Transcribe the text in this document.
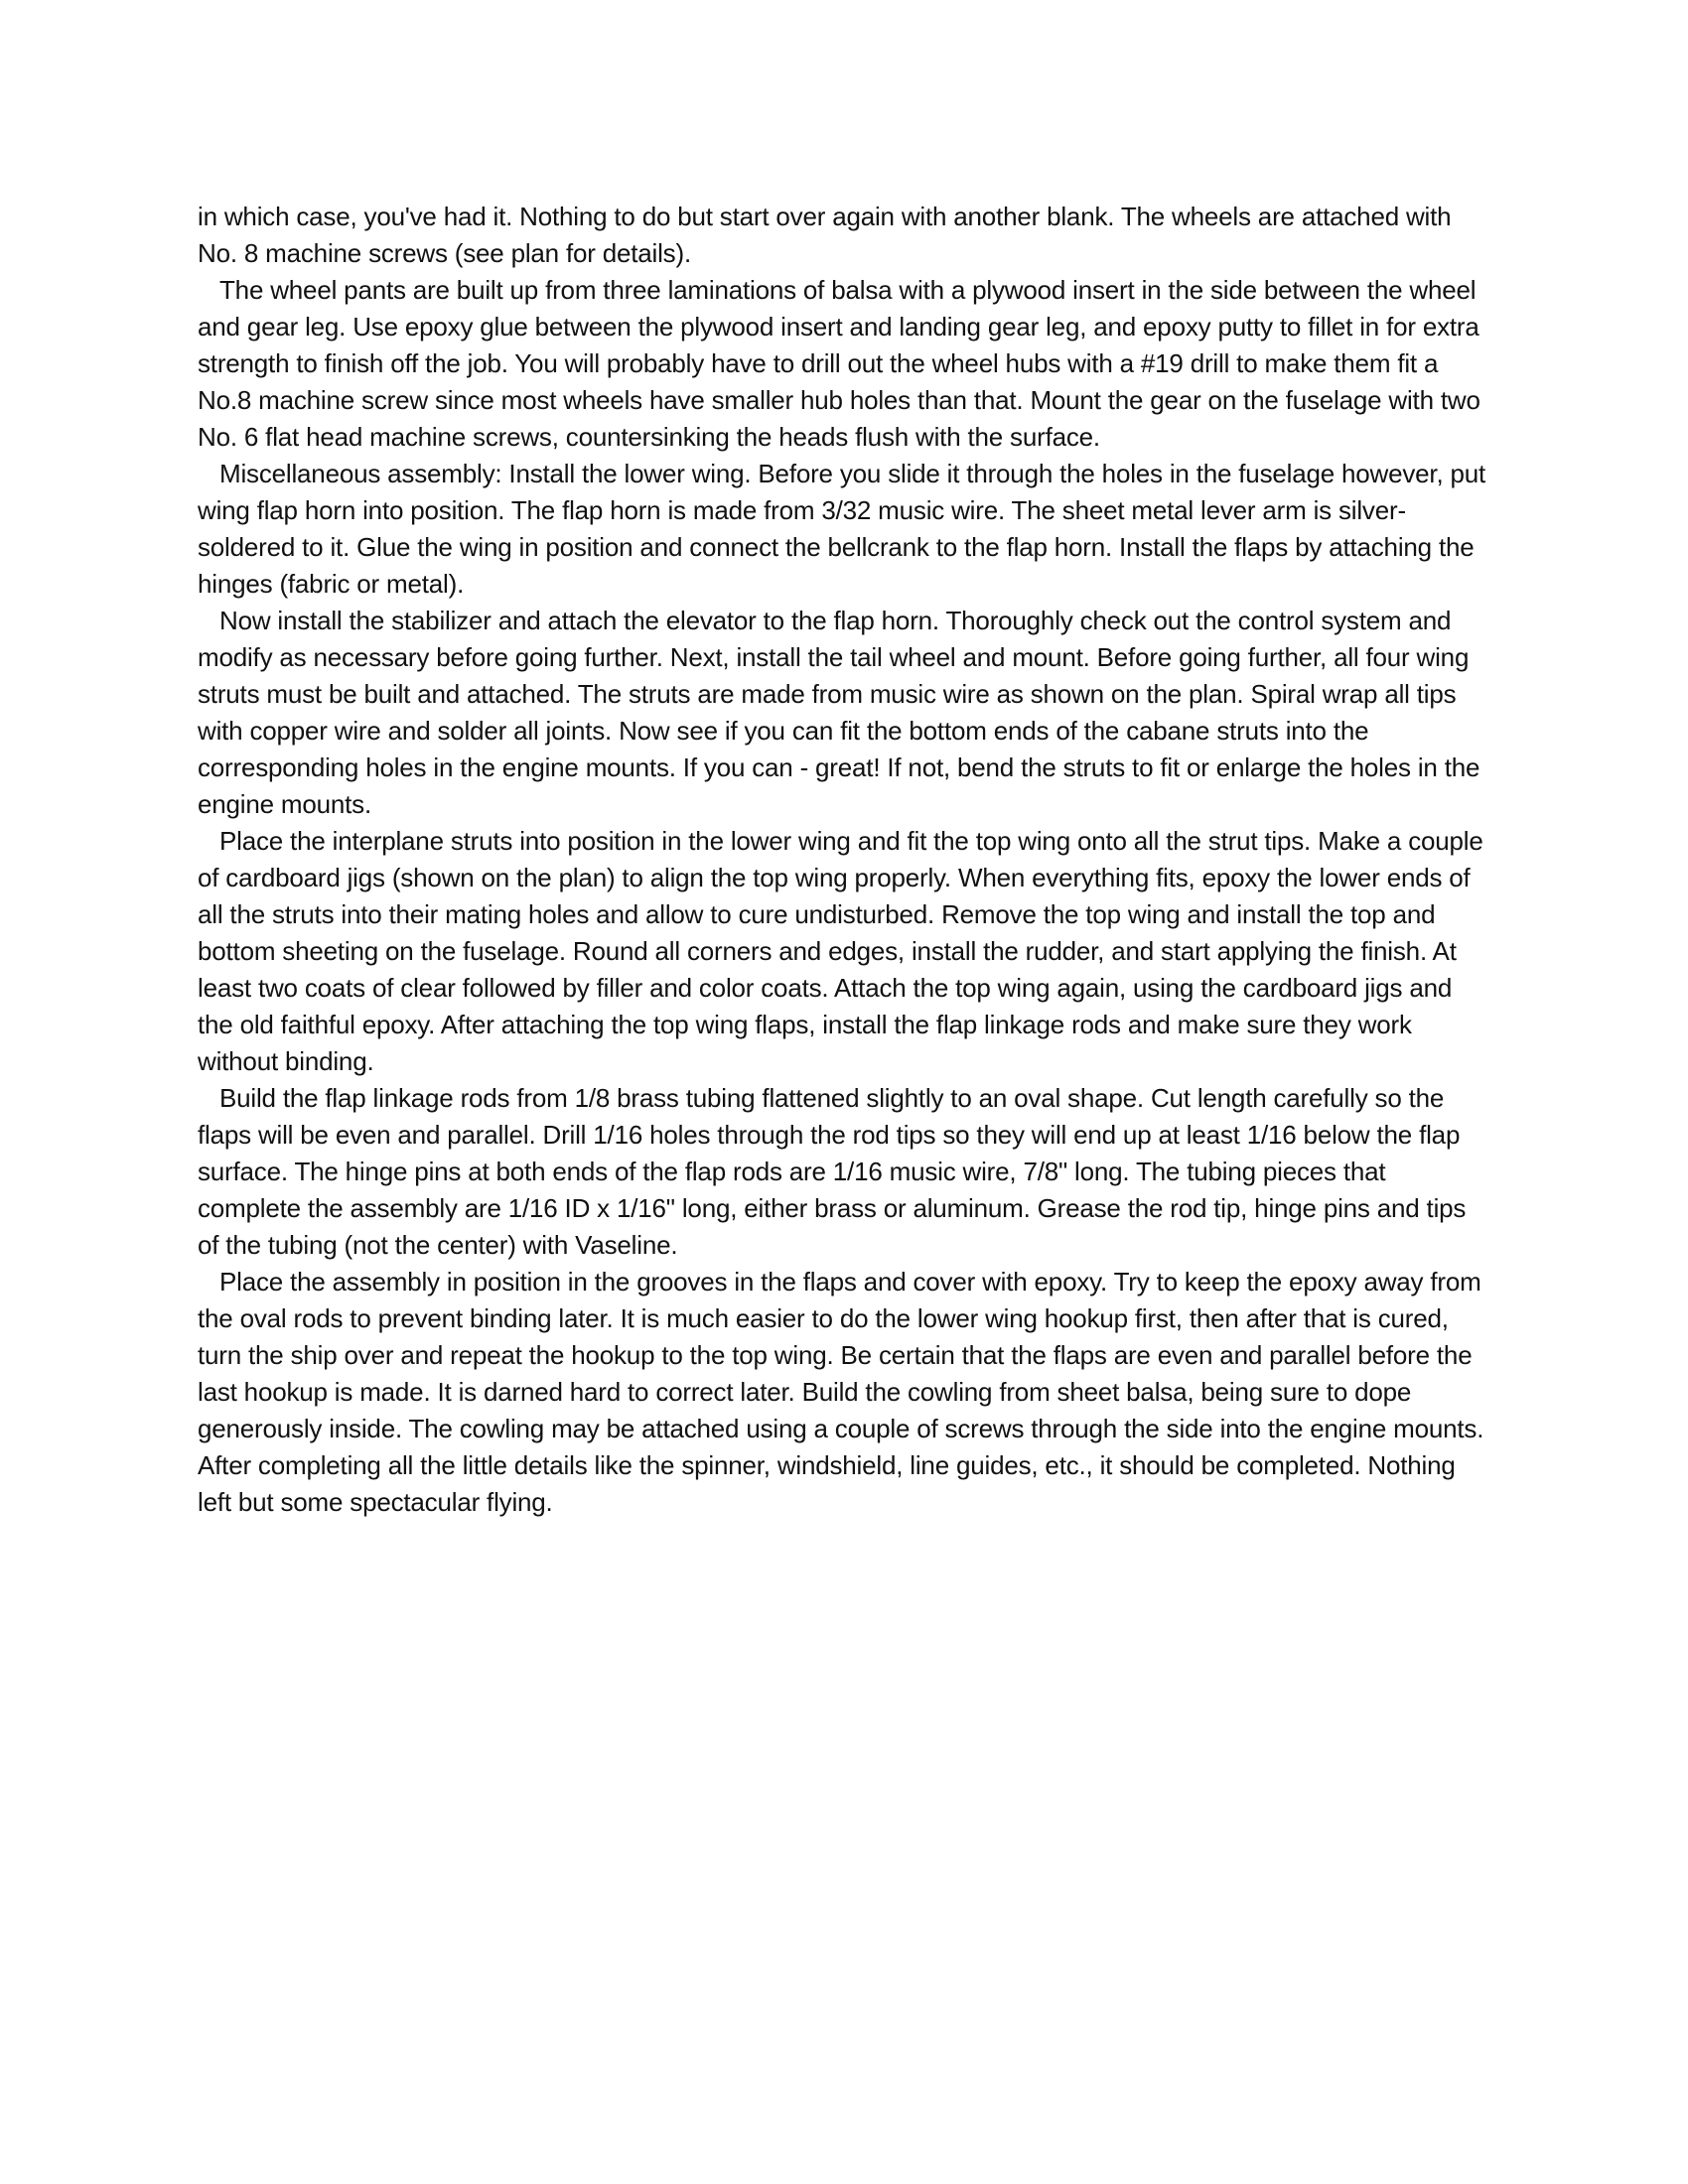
in which case, you've had it. Nothing to do but start over again with another blank. The wheels are attached with No. 8 machine screws (see plan for details).

The wheel pants are built up from three laminations of balsa with a plywood insert in the side between the wheel and gear leg. Use epoxy glue between the plywood insert and landing gear leg, and epoxy putty to fillet in for extra strength to finish off the job. You will probably have to drill out the wheel hubs with a #19 drill to make them fit a No.8 machine screw since most wheels have smaller hub holes than that. Mount the gear on the fuselage with two No. 6 flat head machine screws, countersinking the heads flush with the surface.

Miscellaneous assembly: Install the lower wing. Before you slide it through the holes in the fuselage however, put wing flap horn into position. The flap horn is made from 3/32 music wire. The sheet metal lever arm is silver-soldered to it. Glue the wing in position and connect the bellcrank to the flap horn. Install the flaps by attaching the hinges (fabric or metal).

Now install the stabilizer and attach the elevator to the flap horn. Thoroughly check out the control system and modify as necessary before going further. Next, install the tail wheel and mount. Before going further, all four wing struts must be built and attached. The struts are made from music wire as shown on the plan. Spiral wrap all tips with copper wire and solder all joints. Now see if you can fit the bottom ends of the cabane struts into the corresponding holes in the engine mounts. If you can - great! If not, bend the struts to fit or enlarge the holes in the engine mounts.

Place the interplane struts into position in the lower wing and fit the top wing onto all the strut tips. Make a couple of cardboard jigs (shown on the plan) to align the top wing properly. When everything fits, epoxy the lower ends of all the struts into their mating holes and allow to cure undisturbed. Remove the top wing and install the top and bottom sheeting on the fuselage. Round all corners and edges, install the rudder, and start applying the finish. At least two coats of clear followed by filler and color coats. Attach the top wing again, using the cardboard jigs and the old faithful epoxy. After attaching the top wing flaps, install the flap linkage rods and make sure they work without binding.

Build the flap linkage rods from 1/8 brass tubing flattened slightly to an oval shape. Cut length carefully so the flaps will be even and parallel. Drill 1/16 holes through the rod tips so they will end up at least 1/16 below the flap surface. The hinge pins at both ends of the flap rods are 1/16 music wire, 7/8" long. The tubing pieces that complete the assembly are 1/16 ID x 1/16" long, either brass or aluminum. Grease the rod tip, hinge pins and tips of the tubing (not the center) with Vaseline.

Place the assembly in position in the grooves in the flaps and cover with epoxy. Try to keep the epoxy away from the oval rods to prevent binding later. It is much easier to do the lower wing hookup first, then after that is cured, turn the ship over and repeat the hookup to the top wing. Be certain that the flaps are even and parallel before the last hookup is made. It is darned hard to correct later. Build the cowling from sheet balsa, being sure to dope generously inside. The cowling may be attached using a couple of screws through the side into the engine mounts. After completing all the little details like the spinner, windshield, line guides, etc., it should be completed. Nothing left but some spectacular flying.
